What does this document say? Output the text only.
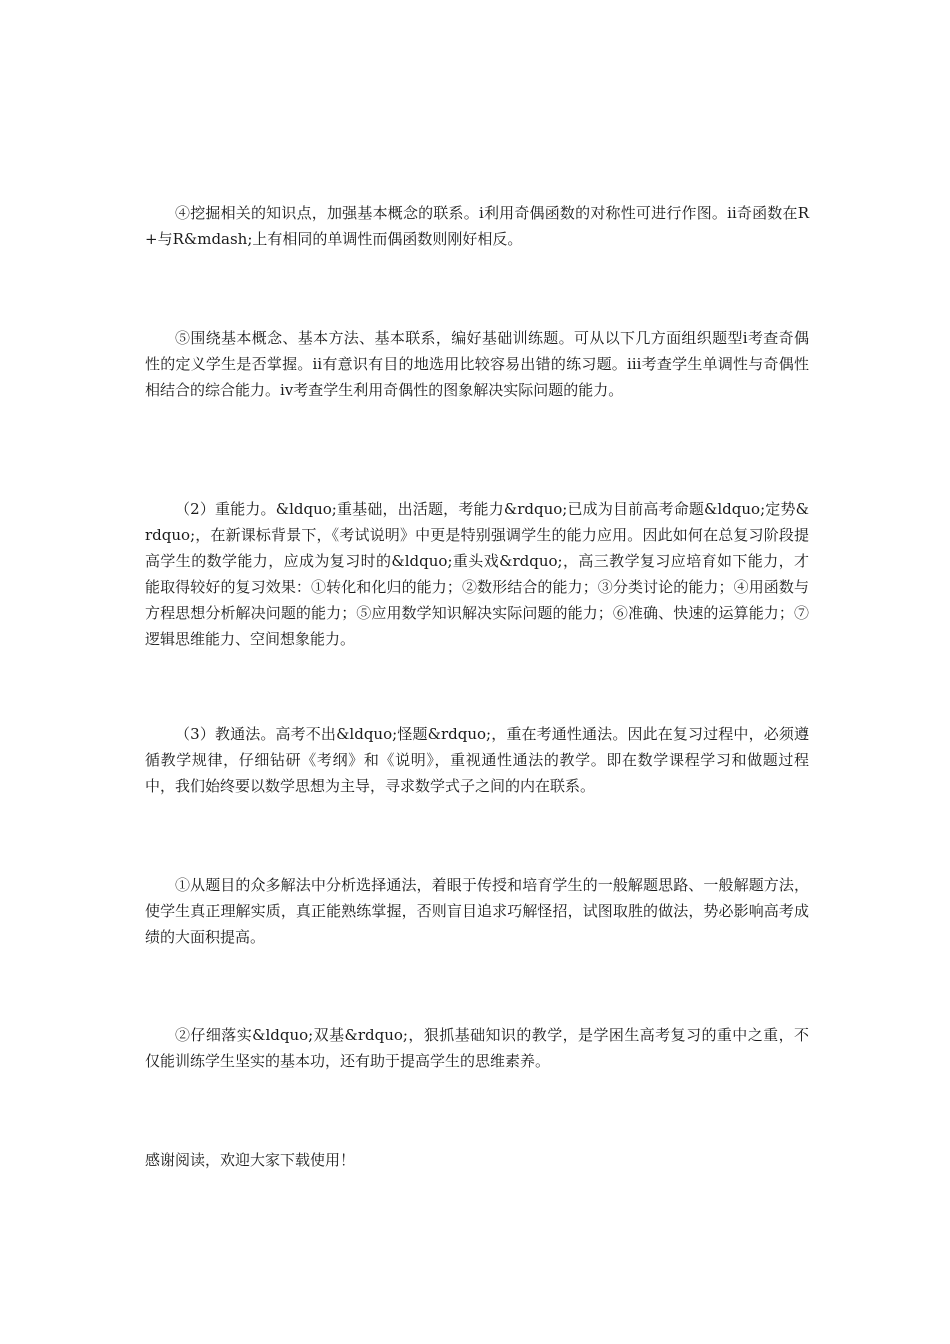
④挖掘相关的知识点，加强基本概念的联系。ⅰ利用奇偶函数的对称性可进行作图。ⅱ奇函数在R+与R&mdash;上有相同的单调性而偶函数则刚好相反。

⑤围绕基本概念、基本方法、基本联系，编好基础训练题。可从以下几方面组织题型ⅰ考查奇偶性的定义学生是否掌握。ⅱ有意识有目的地选用比较容易出错的练习题。ⅲ考查学生单调性与奇偶性相结合的综合能力。ⅳ考查学生利用奇偶性的图象解决实际问题的能力。

（2）重能力。&ldquo;重基础，出活题，考能力&rdquo;已成为目前高考命题&ldquo;定势&rdquo;，在新课标背景下，《考试说明》中更是特别强调学生的能力应用。因此如何在总复习阶段提高学生的数学能力，应成为复习时的&ldquo;重头戏&rdquo;，高三教学复习应培育如下能力，才能取得较好的复习效果：①转化和化归的能力；②数形结合的能力；③分类讨论的能力；④用函数与方程思想分析解决问题的能力；⑤应用数学知识解决实际问题的能力；⑥准确、快速的运算能力；⑦逻辑思维能力、空间想象能力。

（3）教通法。高考不出&ldquo;怪题&rdquo;，重在考通性通法。因此在复习过程中，必须遵循教学规律，仔细钻研《考纲》和《说明》，重视通性通法的教学。即在数学课程学习和做题过程中，我们始终要以数学思想为主导，寻求数学式子之间的内在联系。

①从题目的众多解法中分析选择通法，着眼于传授和培育学生的一般解题思路、一般解题方法，使学生真正理解实质，真正能熟练掌握，否则盲目追求巧解怪招，试图取胜的做法，势必影响高考成绩的大面积提高。

②仔细落实&ldquo;双基&rdquo;，狠抓基础知识的教学，是学困生高考复习的重中之重，不仅能训练学生坚实的基本功，还有助于提高学生的思维素养。

感谢阅读，欢迎大家下载使用！
